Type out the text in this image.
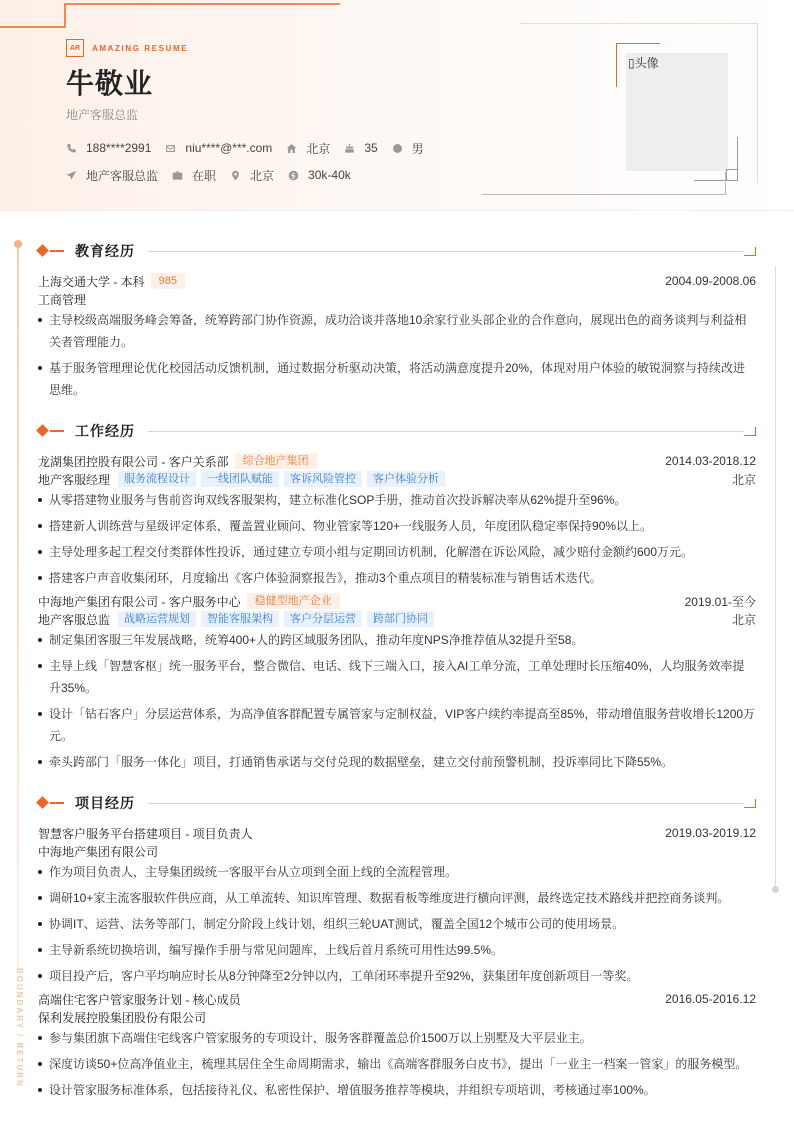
AR	AMAZING RESUME
牛敬业
地产客服总监
188****2991	niu****@***.com	北京	35	男
地产客服总监	在职	北京	30k-40k
▯头像
BOUNDARY / RETURN
教育经历
上海交通大学 - 本科	985	2004.09-2008.06
工商管理
主导校级高端服务峰会筹备，统筹跨部门协作资源，成功洽谈并落地10余家行业头部企业的合作意向，展现出色的商务谈判与利益相关者管理能力。
基于服务管理理论优化校园活动反馈机制，通过数据分析驱动决策，将活动满意度提升20%，体现对用户体验的敏锐洞察与持续改进思维。
工作经历
龙湖集团控股有限公司 - 客户关系部	综合地产集团	2014.03-2018.12
地产客服经理	服务流程设计	一线团队赋能	客诉风险管控	客户体验分析	北京
从零搭建物业服务与售前咨询双线客服架构，建立标准化SOP手册，推动首次投诉解决率从62%提升至96%。
搭建新人训练营与星级评定体系，覆盖置业顾问、物业管家等120+一线服务人员，年度团队稳定率保持90%以上。
主导处理多起工程交付类群体性投诉，通过建立专项小组与定期回访机制，化解潜在诉讼风险，减少赔付金额约600万元。
搭建客户声音收集闭环，月度输出《客户体验洞察报告》，推动3个重点项目的精装标准与销售话术迭代。
中海地产集团有限公司 - 客户服务中心	稳健型地产企业	2019.01-至今
地产客服总监	战略运营规划	智能客服架构	客户分层运营	跨部门协同	北京
制定集团客服三年发展战略，统筹400+人的跨区域服务团队，推动年度NPS净推荐值从32提升至58。
主导上线「智慧客枢」统一服务平台，整合微信、电话、线下三端入口，接入AI工单分流，工单处理时长压缩40%，人均服务效率提升35%。
设计「钻石客户」分层运营体系，为高净值客群配置专属管家与定制权益，VIP客户续约率提高至85%，带动增值服务营收增长1200万元。
牵头跨部门「服务一体化」项目，打通销售承诺与交付兑现的数据壁垒，建立交付前预警机制，投诉率同比下降55%。
项目经历
智慧客户服务平台搭建项目 - 项目负责人	2019.03-2019.12
中海地产集团有限公司
作为项目负责人，主导集团级统一客服平台从立项到全面上线的全流程管理。
调研10+家主流客服软件供应商，从工单流转、知识库管理、数据看板等维度进行横向评测，最终选定技术路线并把控商务谈判。
协调IT、运营、法务等部门，制定分阶段上线计划，组织三轮UAT测试，覆盖全国12个城市公司的使用场景。
主导新系统切换培训，编写操作手册与常见问题库，上线后首月系统可用性达99.5%。
项目投产后，客户平均响应时长从8分钟降至2分钟以内，工单闭环率提升至92%，获集团年度创新项目一等奖。
高端住宅客户管家服务计划 - 核心成员	2016.05-2016.12
保利发展控股集团股份有限公司
参与集团旗下高端住宅线客户管家服务的专项设计，服务客群覆盖总价1500万以上别墅及大平层业主。
深度访谈50+位高净值业主，梳理其居住全生命周期需求，输出《高端客群服务白皮书》，提出「一业主一档案一管家」的服务模型。
设计管家服务标准体系，包括接待礼仪、私密性保护、增值服务推荐等模块，并组织专项培训，考核通过率100%。
